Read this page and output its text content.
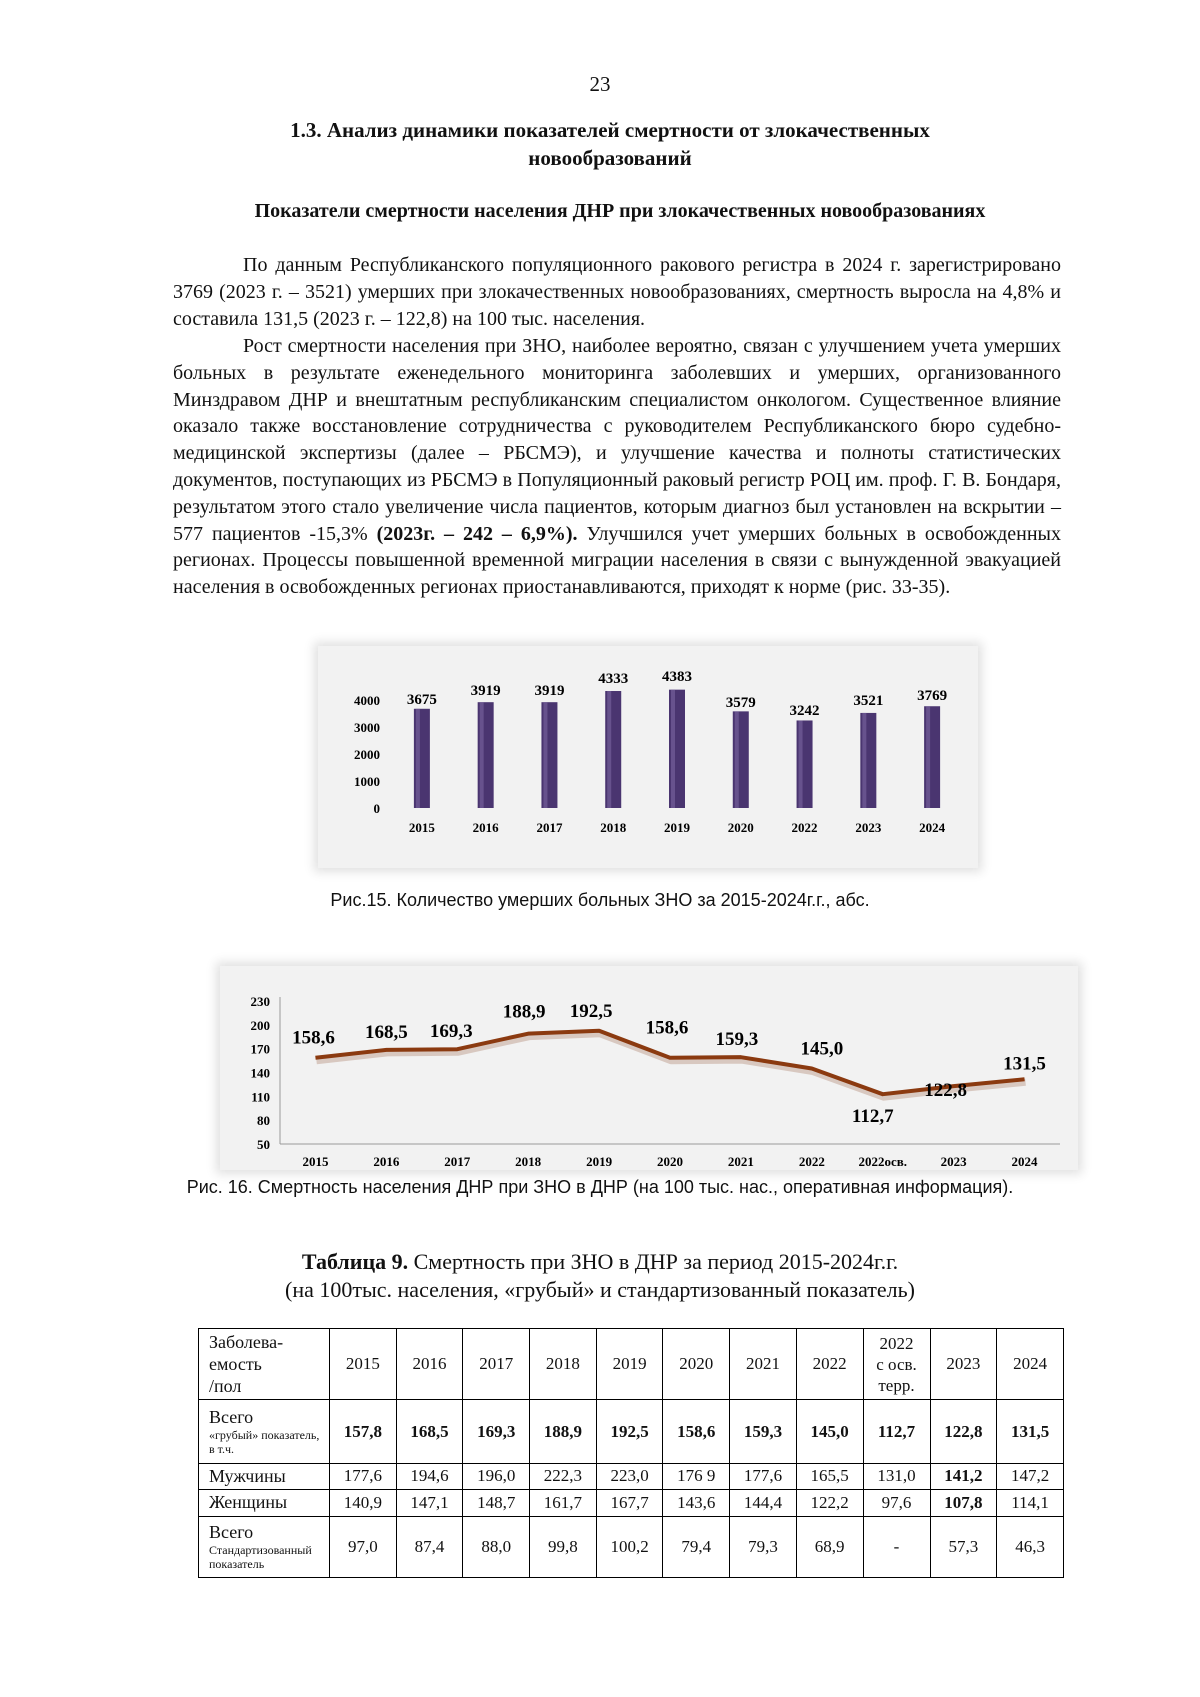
23
1.3. Анализ динамики показателей смертности от злокачественных новообразований
Показатели смертности населения ДНР при злокачественных новообразованиях

По данным Республиканского популяционного ракового регистра в 2024 г. зарегистрировано 3769 (2023 г. – 3521) умерших при злокачественных новообразованиях, смертность выросла на 4,8% и составила 131,5 (2023 г. – 122,8) на 100 тыс. населения.

Рост смертности населения при ЗНО, наиболее вероятно, связан с улучшением учета умерших больных в результате еженедельного мониторинга заболевших и умерших, организованного Минздравом ДНР и внештатным республиканским специалистом онкологом. Существенное влияние оказало также восстановление сотрудничества с руководителем Республиканского бюро судебно-медицинской экспертизы (далее – РБСМЭ), и улучшение качества и полноты статистических документов, поступающих из РБСМЭ в Популяционный раковый регистр РОЦ им. проф. Г. В. Бондаря, результатом этого стало увеличение числа пациентов, которым диагноз был установлен на вскрытии – 577 пациентов -15,3% (2023г. – 242 – 6,9%). Улучшился учет умерших больных в освобожденных регионах. Процессы повышенной временной миграции населения в связи с вынужденной эвакуацией населения в освобожденных регионах приостанавливаются, приходят к норме (рис. 33-35).

0
1000
2000
3000
4000
2015
3675
2016
3919
2017
3919
2018
4333
2019
4383
2020
3579
2022
3242
2023
3521
2024
3769
Рис.15. Количество умерших больных ЗНО за 2015-2024г.г., абс.
50
80
110
140
170
200
230
2015
158,6
2016
168,5
2017
169,3
2018
188,9
2019
192,5
2020
158,6
2021
159,3
2022
145,0
2022осв.
112,7
2023
122,8
2024
131,5
Рис. 16. Смертность населения ДНР при ЗНО в ДНР (на 100 тыс. нас., оперативная информация).
Таблица 9. Смертность при ЗНО в ДНР за период 2015-2024г.г.
(на 100тыс. населения, «грубый» и стандартизованный показатель)
Заболева-
емость
/пол	2015	2016	2017	2018	2019	2020	2021	2022	2022
с осв.
терр.	2023	2024
Всего
«грубый» показатель, в т.ч.	157,8	168,5	169,3	188,9	192,5	158,6	159,3	145,0	112,7	122,8	131,5
Мужчины	177,6	194,6	196,0	222,3	223,0	176 9	177,6	165,5	131,0	141,2	147,2
Женщины	140,9	147,1	148,7	161,7	167,7	143,6	144,4	122,2	97,6	107,8	114,1
Всего
Стандартизованный показатель	97,0	87,4	88,0	99,8	100,2	79,4	79,3	68,9	-	57,3	46,3
